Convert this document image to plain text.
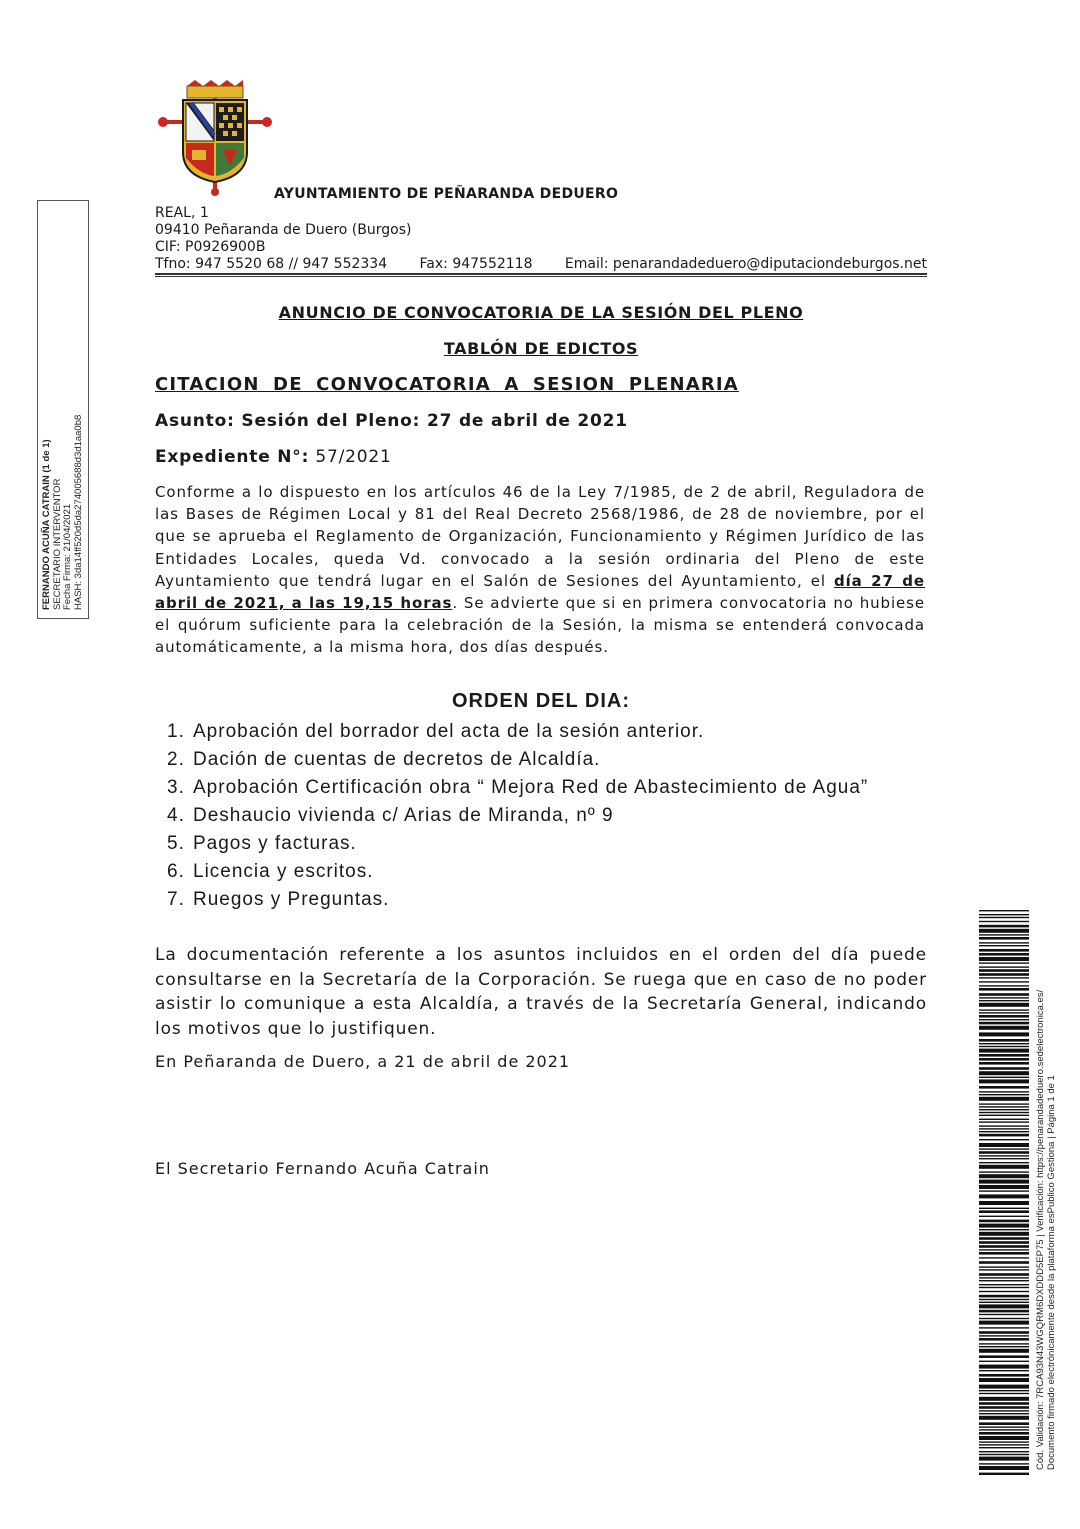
AYUNTAMIENTO DE PEÑARANDA DEDUERO
REAL, 1
09410 Peñaranda de Duero (Burgos)
CIF: P0926900B
Tfno: 947 5520 68 // 947 552334 Fax: 947552118 Email: penarandadeduero@diputaciondeburgos.net
ANUNCIO DE CONVOCATORIA DE LA SESIÓN DEL PLENO
TABLÓN DE EDICTOS
CITACION DE CONVOCATORIA A SESION PLENARIA
Asunto: Sesión del Pleno: 27 de abril de 2021
Expediente N°: 57/2021

Conforme a lo dispuesto en los artículos 46 de la Ley 7/1985, de 2 de abril, Reguladora de las Bases de Régimen Local y 81 del Real Decreto 2568/1986, de 28 de noviembre, por el que se aprueba el Reglamento de Organización, Funcionamiento y Régimen Jurídico de las Entidades Locales, queda Vd. convocado a la sesión ordinaria del Pleno de este Ayuntamiento que tendrá lugar en el Salón de Sesiones del Ayuntamiento, el día 27 de abril de 2021, a las 19,15 horas. Se advierte que si en primera convocatoria no hubiese el quórum suficiente para la celebración de la Sesión, la misma se entenderá convocada automáticamente, a la misma hora, dos días después.

ORDEN DEL DIA:
1. Aprobación del borrador del acta de la sesión anterior.
2. Dación de cuentas de decretos de Alcaldía.
3. Aprobación Certificación obra “ Mejora Red de Abastecimiento de Agua”
4. Deshaucio vivienda c/ Arias de Miranda, nº 9
5. Pagos y facturas.
6. Licencia y escritos.
7. Ruegos y Preguntas.

La documentación referente a los asuntos incluidos en el orden del día puede consultarse en la Secretaría de la Corporación. Se ruega que en caso de no poder asistir lo comunique a esta Alcaldía, a través de la Secretaría General, indicando los motivos que lo justifiquen.

En Peñaranda de Duero, a 21 de abril de 2021
El Secretario Fernando Acuña Catrain
FERNANDO ACUÑA CATRAIN (1 de 1) SECRETARIO INTERVENTOR Fecha Firma: 21/04/2021 HASH: 3da14ff520d5da274005688d3d1aa0b8
Cód. Validación: 7RCA93N43WGQRM6DXDDD5EP75 | Verificación: https://penarandadeduero.sedelectronica.es/ Documento firmado electrónicamente desde la plataforma esPublico Gestiona | Página 1 de 1
